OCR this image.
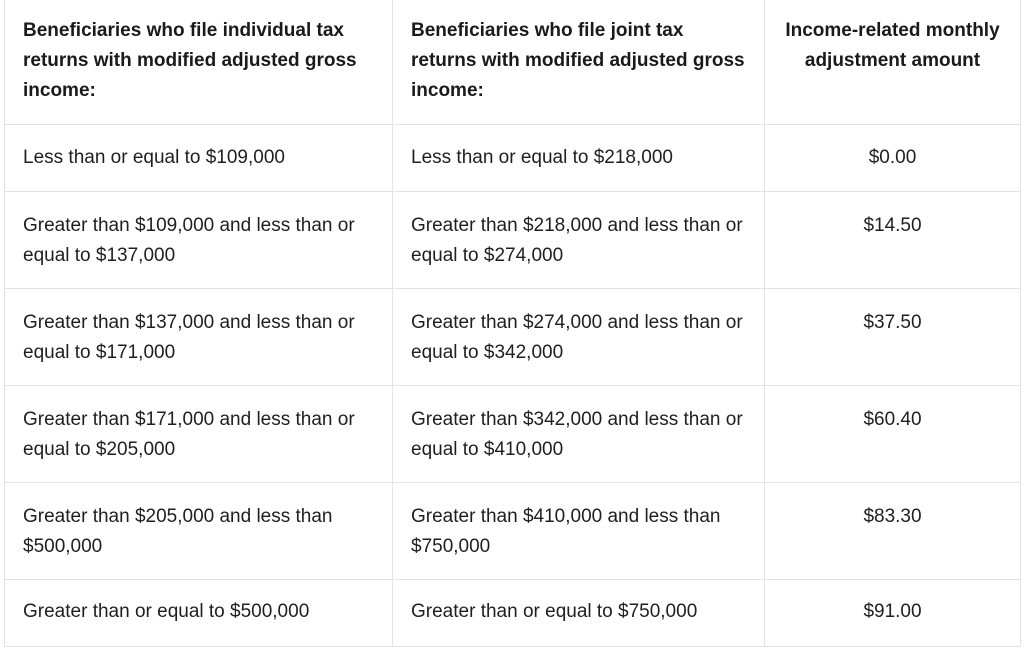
Beneficiaries who file individual tax returns with modified adjusted gross income:	Beneficiaries who file joint tax returns with modified adjusted gross income:	Income-related monthly adjustment amount
Less than or equal to $109,000	Less than or equal to $218,000	$0.00
Greater than $109,000 and less than or equal to $137,000	Greater than $218,000 and less than or equal to $274,000	$14.50
Greater than $137,000 and less than or equal to $171,000	Greater than $274,000 and less than or equal to $342,000	$37.50
Greater than $171,000 and less than or equal to $205,000	Greater than $342,000 and less than or equal to $410,000	$60.40
Greater than $205,000 and less than $500,000	Greater than $410,000 and less than $750,000	$83.30
Greater than or equal to $500,000	Greater than or equal to $750,000	$91.00
